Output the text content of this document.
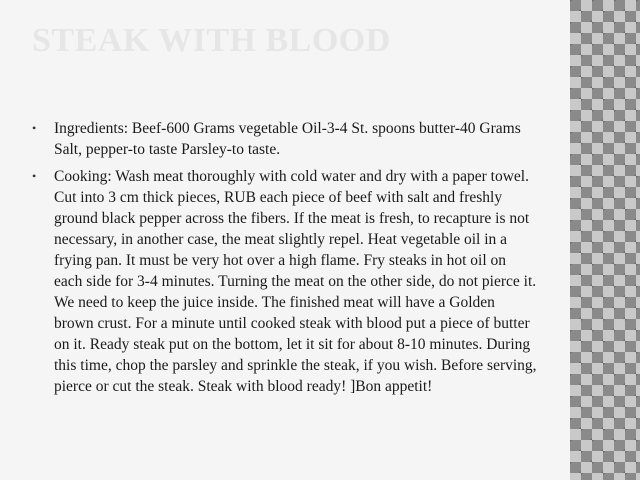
STEAK WITH BLOOD
• Ingredients: Beef-600 Grams vegetable Oil-3-4 St. spoons butter-40 Grams Salt, pepper-to taste Parsley-to taste.
• Cooking: Wash meat thoroughly with cold water and dry with a paper towel. Cut into 3 cm thick pieces, RUB each piece of beef with salt and freshly ground black pepper across the fibers. If the meat is fresh, to recapture is not necessary, in another case, the meat slightly repel. Heat vegetable oil in a frying pan. It must be very hot over a high flame. Fry steaks in hot oil on each side for 3-4 minutes. Turning the meat on the other side, do not pierce it. We need to keep the juice inside. The finished meat will have a Golden brown crust. For a minute until cooked steak with blood put a piece of butter on it. Ready steak put on the bottom, let it sit for about 8-10 minutes. During this time, chop the parsley and sprinkle the steak, if you wish. Before serving, pierce or cut the steak. Steak with blood ready! ]Bon appetit!
